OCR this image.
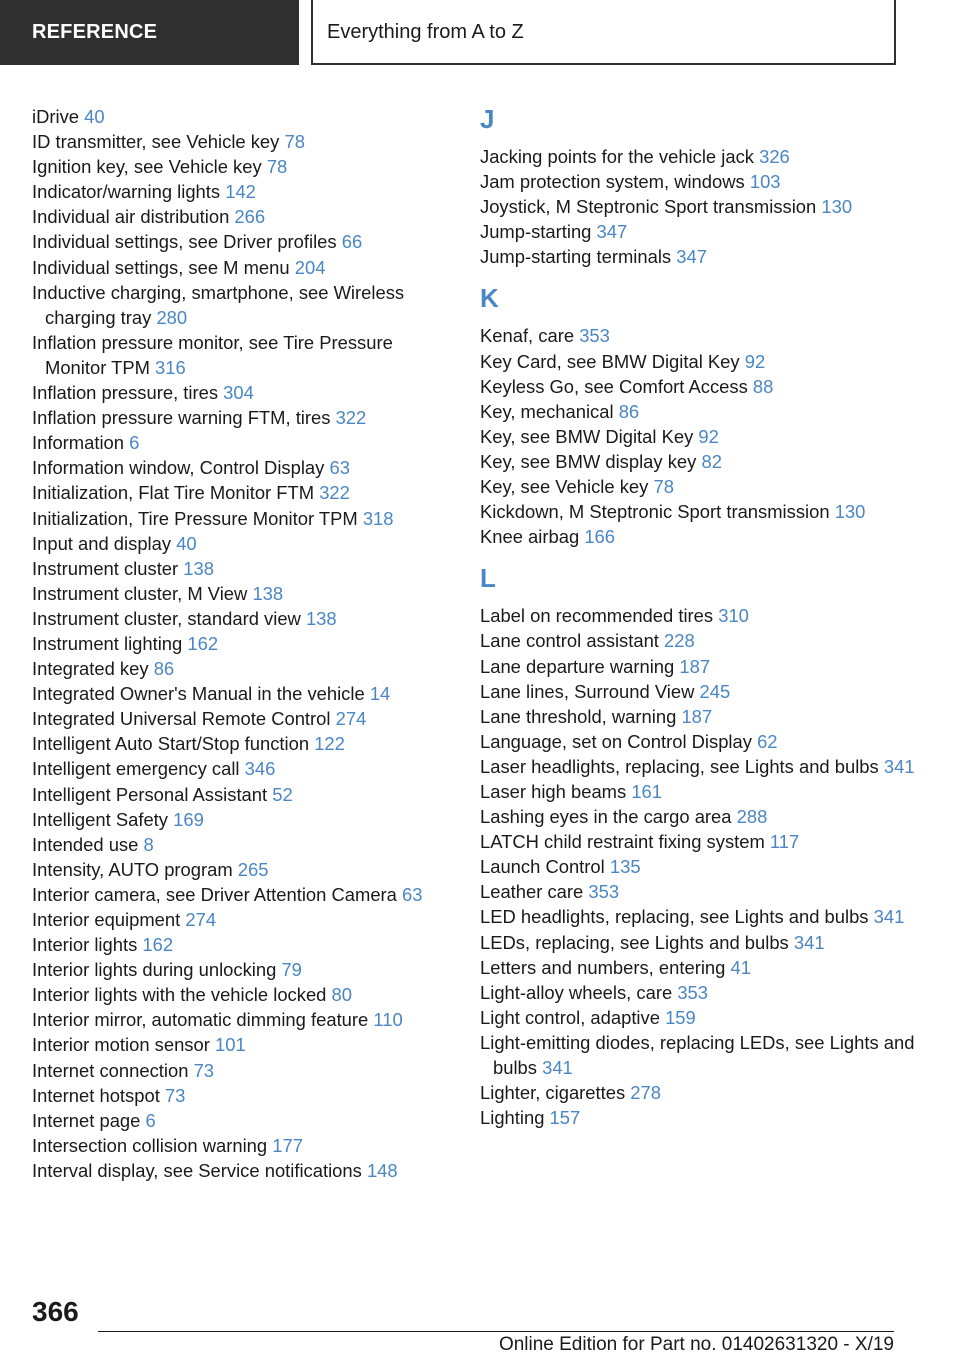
REFERENCE	Everything from A to Z
iDrive 40
ID transmitter, see Vehicle key 78
Ignition key, see Vehicle key 78
Indicator/warning lights 142
Individual air distribution 266
Individual settings, see Driver profiles 66
Individual settings, see M menu 204
Inductive charging, smartphone, see Wireless charging tray 280
Inflation pressure monitor, see Tire Pressure Monitor TPM 316
Inflation pressure, tires 304
Inflation pressure warning FTM, tires 322
Information 6
Information window, Control Display 63
Initialization, Flat Tire Monitor FTM 322
Initialization, Tire Pressure Monitor TPM 318
Input and display 40
Instrument cluster 138
Instrument cluster, M View 138
Instrument cluster, standard view 138
Instrument lighting 162
Integrated key 86
Integrated Owner's Manual in the vehicle 14
Integrated Universal Remote Control 274
Intelligent Auto Start/Stop function 122
Intelligent emergency call 346
Intelligent Personal Assistant 52
Intelligent Safety 169
Intended use 8
Intensity, AUTO program 265
Interior camera, see Driver Attention Camera 63
Interior equipment 274
Interior lights 162
Interior lights during unlocking 79
Interior lights with the vehicle locked 80
Interior mirror, automatic dimming feature 110
Interior motion sensor 101
Internet connection 73
Internet hotspot 73
Internet page 6
Intersection collision warning 177
Interval display, see Service notifications 148
J
Jacking points for the vehicle jack 326
Jam protection system, windows 103
Joystick, M Steptronic Sport transmission 130
Jump-starting 347
Jump-starting terminals 347
K
Kenaf, care 353
Key Card, see BMW Digital Key 92
Keyless Go, see Comfort Access 88
Key, mechanical 86
Key, see BMW Digital Key 92
Key, see BMW display key 82
Key, see Vehicle key 78
Kickdown, M Steptronic Sport transmission 130
Knee airbag 166
L
Label on recommended tires 310
Lane control assistant 228
Lane departure warning 187
Lane lines, Surround View 245
Lane threshold, warning 187
Language, set on Control Display 62
Laser headlights, replacing, see Lights and bulbs 341
Laser high beams 161
Lashing eyes in the cargo area 288
LATCH child restraint fixing system 117
Launch Control 135
Leather care 353
LED headlights, replacing, see Lights and bulbs 341
LEDs, replacing, see Lights and bulbs 341
Letters and numbers, entering 41
Light-alloy wheels, care 353
Light control, adaptive 159
Light-emitting diodes, replacing LEDs, see Lights and bulbs 341
Lighter, cigarettes 278
Lighting 157
366
Online Edition for Part no. 01402631320 - X/19
